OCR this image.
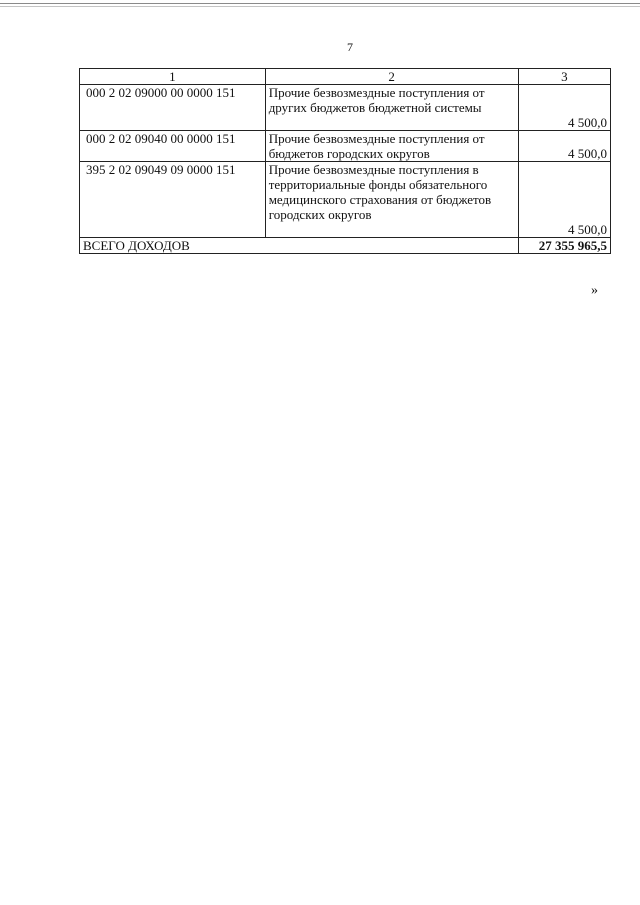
7
1	2	3
000 2 02 09000 00 0000 151	Прочие безвозмездные поступления от других бюджетов бюджетной системы	4 500,0
000 2 02 09040 00 0000 151	Прочие безвозмездные поступления от бюджетов городских округов	4 500,0
395 2 02 09049 09 0000 151	Прочие безвозмездные поступления в территориальные фонды обязательного медицинского страхования от бюджетов городских округов	4 500,0
ВСЕГО ДОХОДОВ		27 355 965,5
»
